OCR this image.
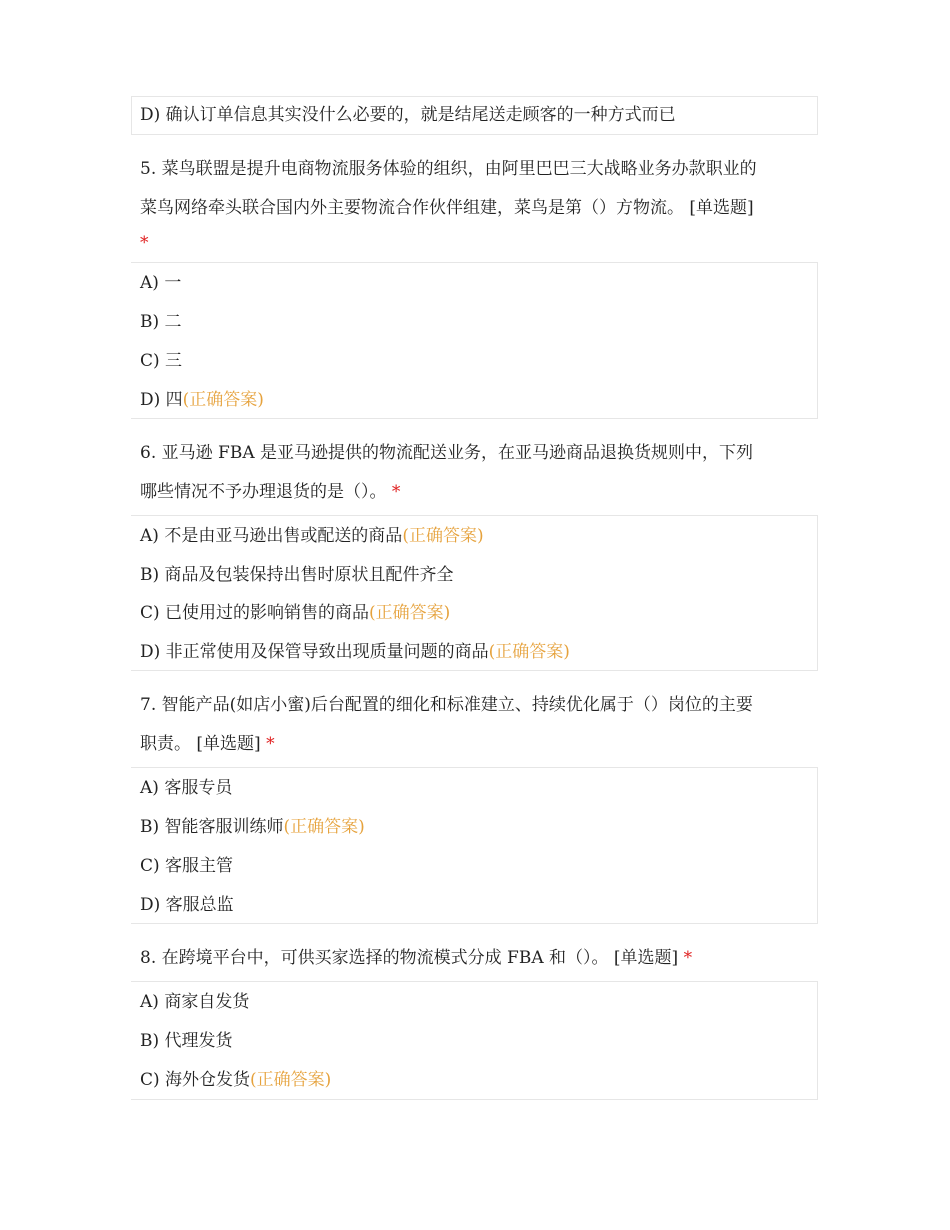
D) 确认订单信息其实没什么必要的，就是结尾送走顾客的一种方式而已
5. 菜鸟联盟是提升电商物流服务体验的组织，由阿里巴巴三大战略业务办款职业的
菜鸟网络牵头联合国内外主要物流合作伙伴组建，菜鸟是第（）方物流。 [单选题]
*
A) 一
B) 二
C) 三
D) 四(正确答案)
6. 亚马逊 FBA 是亚马逊提供的物流配送业务，在亚马逊商品退换货规则中，下列
哪些情况不予办理退货的是（）。 *
A) 不是由亚马逊出售或配送的商品(正确答案)
B) 商品及包装保持出售时原状且配件齐全
C) 已使用过的影响销售的商品(正确答案)
D) 非正常使用及保管导致出现质量问题的商品(正确答案)
7. 智能产品(如店小蜜)后台配置的细化和标准建立、持续优化属于（）岗位的主要
职责。 [单选题] *
A) 客服专员
B) 智能客服训练师(正确答案)
C) 客服主管
D) 客服总监
8. 在跨境平台中，可供买家选择的物流模式分成 FBA 和（）。 [单选题] *
A) 商家自发货
B) 代理发货
C) 海外仓发货(正确答案)
